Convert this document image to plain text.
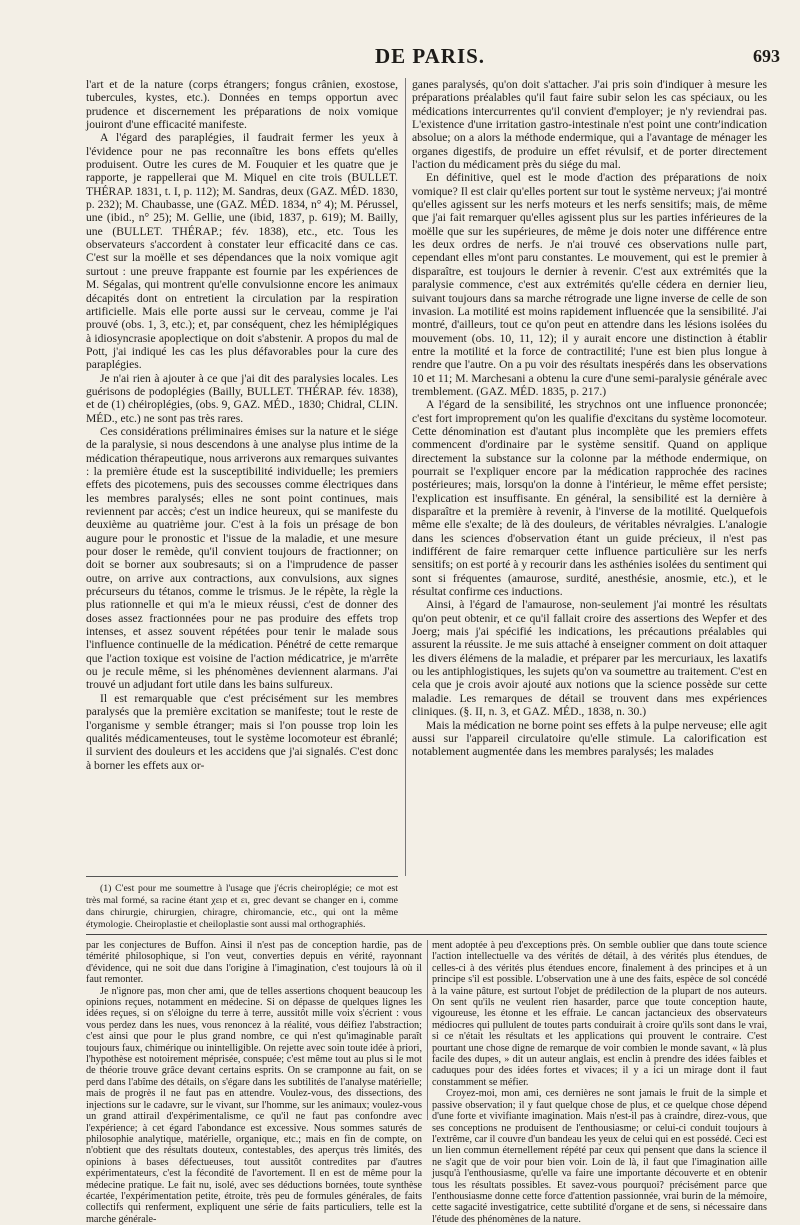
DE PARIS.	693

l'art et de la nature (corps étrangers; fongus crânien, exostose, tubercules, kystes, etc.). Données en temps opportun avec prudence et discernement les préparations de noix vomique jouiront d'une efficacité manifeste.

A l'égard des paraplégies, il faudrait fermer les yeux à l'évidence pour ne pas reconnaître les bons effets qu'elles produisent. Outre les cures de M. Fouquier et les quatre que je rapporte, je rappellerai que M. Miquel en cite trois (BULLET. THÉRAP. 1831, t. I, p. 112); M. Sandras, deux (GAZ. MÉD. 1830, p. 232); M. Chaubasse, une (GAZ. MÉD. 1834, n° 4); M. Pérussel, une (ibid., n° 25); M. Gellie, une (ibid, 1837, p. 619); M. Bailly, une (BULLET. THÉRAP.; fév. 1838), etc., etc. Tous les observateurs s'accordent à constater leur efficacité dans ce cas. C'est sur la moëlle et ses dépendances que la noix vomique agit surtout : une preuve frappante est fournie par les expériences de M. Ségalas, qui montrent qu'elle convulsionne encore les animaux décapités dont on entretient la circulation par la respiration artificielle. Mais elle porte aussi sur le cerveau, comme je l'ai prouvé (obs. 1, 3, etc.); et, par conséquent, chez les hémiplégiques à idiosyncrasie apoplectique on doit s'abstenir. A propos du mal de Pott, j'ai indiqué les cas les plus défavorables pour la cure des paraplégies.

Je n'ai rien à ajouter à ce que j'ai dit des paralysies locales. Les guérisons de podoplégies (Bailly, BULLET. THÉRAP. fév. 1838), et de (1) chéiroplégies, (obs. 9, GAZ. MÉD., 1830; Chidral, CLIN. MÉD., etc.) ne sont pas très rares.

Ces considérations préliminaires émises sur la nature et le siége de la paralysie, si nous descendons à une analyse plus intime de la médication thérapeutique, nous arriverons aux remarques suivantes : la première étude est la susceptibilité individuelle; les premiers effets des picotemens, puis des secousses comme électriques dans les membres paralysés; elles ne sont point continues, mais reviennent par accès; c'est un indice heureux, qui se manifeste du deuxième au quatrième jour. C'est à la fois un présage de bon augure pour le pronostic et l'issue de la maladie, et une mesure pour doser le remède, qu'il convient toujours de fractionner; on doit se borner aux soubresauts; si on a l'imprudence de passer outre, on arrive aux contractions, aux convulsions, aux signes précurseurs du tétanos, comme le trismus. Je le répète, la règle la plus rationnelle et qui m'a le mieux réussi, c'est de donner des doses assez fractionnées pour ne pas produire des effets trop intenses, et assez souvent répétées pour tenir le malade sous l'influence continuelle de la médication. Pénétré de cette remarque que l'action toxique est voisine de l'action médicatrice, je m'arrête ou je recule même, si les phénomènes deviennent alarmans. J'ai trouvé un adjudant fort utile dans les bains sulfureux.

Il est remarquable que c'est précisément sur les membres paralysés que la première excitation se manifeste; tout le reste de l'organisme y semble étranger; mais si l'on pousse trop loin les qualités médicamenteuses, tout le système locomoteur est ébranlé; il survient des douleurs et les accidens que j'ai signalés. C'est donc à borner les effets aux or-

ganes paralysés, qu'on doit s'attacher. J'ai pris soin d'indiquer à mesure les préparations préalables qu'il faut faire subir selon les cas spéciaux, ou les médications intercurrentes qu'il convient d'employer; je n'y reviendrai pas. L'existence d'une irritation gastro-intestinale n'est point une contr'indication absolue; on a alors la méthode endermique, qui a l'avantage de ménager les organes digestifs, de produire un effet révulsif, et de porter directement l'action du médicament près du siége du mal.

En définitive, quel est le mode d'action des préparations de noix vomique? Il est clair qu'elles portent sur tout le système nerveux; j'ai montré qu'elles agissent sur les nerfs moteurs et les nerfs sensitifs; mais, de même que j'ai fait remarquer qu'elles agissent plus sur les parties inférieures de la moëlle que sur les supérieures, de même je dois noter une différence entre les deux ordres de nerfs. Je n'ai trouvé ces observations nulle part, cependant elles m'ont paru constantes. Le mouvement, qui est le premier à disparaître, est toujours le dernier à revenir. C'est aux extrémités que la paralysie commence, c'est aux extrémités qu'elle cédera en dernier lieu, suivant toujours dans sa marche rétrograde une ligne inverse de celle de son invasion. La motilité est moins rapidement influencée que la sensibilité. J'ai montré, d'ailleurs, tout ce qu'on peut en attendre dans les lésions isolées du mouvement (obs. 10, 11, 12); il y aurait encore une distinction à établir entre la motilité et la force de contractilité; l'une est bien plus longue à rendre que l'autre. On a pu voir des résultats inespérés dans les observations 10 et 11; M. Marchesani a obtenu la cure d'une semi-paralysie générale avec tremblement. (GAZ. MÉD. 1835, p. 217.)

A l'égard de la sensibilité, les strychnos ont une influence prononcée; c'est fort improprement qu'on les qualifie d'excitans du système locomoteur. Cette dénomination est d'autant plus incomplète que les premiers effets commencent d'ordinaire par le système sensitif. Quand on applique directement la substance sur la colonne par la méthode endermique, on pourrait se l'expliquer encore par la médication rapprochée des racines postérieures; mais, lorsqu'on la donne à l'intérieur, le même effet persiste; l'explication est insuffisante. En général, la sensibilité est la dernière à disparaître et la première à revenir, à l'inverse de la motilité. Quelquefois même elle s'exalte; de là des douleurs, de véritables névralgies. L'analogie dans les sciences d'observation étant un guide précieux, il n'est pas indifférent de faire remarquer cette influence particulière sur les nerfs sensitifs; on est porté à y recourir dans les asthénies isolées du sentiment qui sont si fréquentes (amaurose, surdité, anesthésie, anosmie, etc.), et le résultat confirme ces inductions.

Ainsi, à l'égard de l'amaurose, non-seulement j'ai montré les résultats qu'on peut obtenir, et ce qu'il fallait croire des assertions des Wepfer et des Joerg; mais j'ai spécifié les indications, les précautions préalables qui assurent la réussite. Je me suis attaché à enseigner comment on doit attaquer les divers élémens de la maladie, et préparer par les mercuriaux, les laxatifs ou les antiphlogistiques, les sujets qu'on va soumettre au traitement. C'est en cela que je crois avoir ajouté aux notions que la science possède sur cette maladie. Les remarques de détail se trouvent dans mes expériences cliniques. (§. II, n. 3, et GAZ. MÉD., 1838, n. 30.)

Mais la médication ne borne point ses effets à la pulpe nerveuse; elle agit aussi sur l'appareil circulatoire qu'elle stimule. La calorification est notablement augmentée dans les membres paralysés; les malades

(1) C'est pour me soumettre à l'usage que j'écris cheiroplégie; ce mot est très mal formé, sa racine étant χειρ et ει, grec devant se changer en i, comme dans chirurgie, chirurgien, chiragre, chiromancie, etc., qui ont la même étymologie. Cheiroplastie et cheiloplastie sont aussi mal orthographiés.

par les conjectures de Buffon. Ainsi il n'est pas de conception hardie, pas de témérité philosophique, si l'on veut, converties depuis en vérité, rayonnant d'évidence, qui ne soit due dans l'origine à l'imagination, c'est toujours là où il faut remonter.

Je n'ignore pas, mon cher ami, que de telles assertions choquent beaucoup les opinions reçues, notamment en médecine. Si on dépasse de quelques lignes les idées reçues, si on s'éloigne du terre à terre, aussitôt mille voix s'écrient : vous vous perdez dans les nues, vous renoncez à la réalité, vous déifiez l'abstraction; c'est ainsi que pour le plus grand nombre, ce qui n'est qu'imaginable paraît toujours faux, chimérique ou inintelligible. On rejette avec soin toute idée à priori, l'hypothèse est notoirement méprisée, conspuée; c'est même tout au plus si le mot de théorie trouve grâce devant certains esprits. On se cramponne au fait, on se perd dans l'abîme des détails, on s'égare dans les subtilités de l'analyse matérielle; mais de progrès il ne faut pas en attendre. Voulez-vous, des dissections, des injections sur le cadavre, sur le vivant, sur l'homme, sur les animaux; voulez-vous un grand attirail d'expérimentalisme, ce qu'il ne faut pas confondre avec l'expérience; à cet égard l'abondance est excessive. Nous sommes saturés de philosophie analytique, matérielle, organique, etc.; mais en fin de compte, on n'obtient que des résultats douteux, contestables, des aperçus très limités, des opinions à bases défectueuses, tout aussitôt contredites par d'autres expérimentateurs, c'est la fécondité de l'avortement. Il en est de même pour la médecine pratique. Le fait nu, isolé, avec ses déductions bornées, toute synthèse écartée, l'expérimentation petite, étroite, très peu de formules générales, de faits collectifs qui renferment, expliquent une série de faits particuliers, telle est la marche générale-

ment adoptée à peu d'exceptions près. On semble oublier que dans toute science l'action intellectuelle va des vérités de détail, à des vérités plus étendues, de celles-ci à des vérités plus étendues encore, finalement à des principes et à un principe s'il est possible. L'observation une à une des faits, espèce de sol concédé à la vaine pâture, est surtout l'objet de prédilection de la plupart de nos auteurs. On sent qu'ils ne veulent rien hasarder, parce que toute conception haute, vigoureuse, les étonne et les effraie. Le cancan jactancieux des observateurs médiocres qui pullulent de toutes parts conduirait à croire qu'ils sont dans le vrai, si ce n'était les résultats et les applications qui prouvent le contraire. C'est pourtant une chose digne de remarque de voir combien le monde savant, « là plus facile des dupes, » dit un auteur anglais, est enclin à prendre des idées faibles et caduques pour des idées fortes et vivaces; il y a ici un mirage dont il faut constamment se méfier.

Croyez-moi, mon ami, ces dernières ne sont jamais le fruit de la simple et passive observation; il y faut quelque chose de plus, et ce quelque chose dépend d'une forte et vivifiante imagination. Mais n'est-il pas à craindre, direz-vous, que ses conceptions ne produisent de l'enthousiasme; or celui-ci conduit toujours à l'extrême, car il couvre d'un bandeau les yeux de celui qui en est possédé. Ceci est un lien commun éternellement répété par ceux qui pensent que dans la science il ne s'agit que de voir pour bien voir. Loin de là, il faut que l'imagination aille jusqu'à l'enthousiasme, qu'elle va faire une importante découverte et en obtenir tous les résultats possibles. Et savez-vous pourquoi? précisément parce que l'enthousiasme donne cette force d'attention passionnée, vrai burin de la mémoire, cette sagacité investigatrice, cette subtilité d'organe et de sens, si nécessaire dans l'étude des phénomènes de la nature.
